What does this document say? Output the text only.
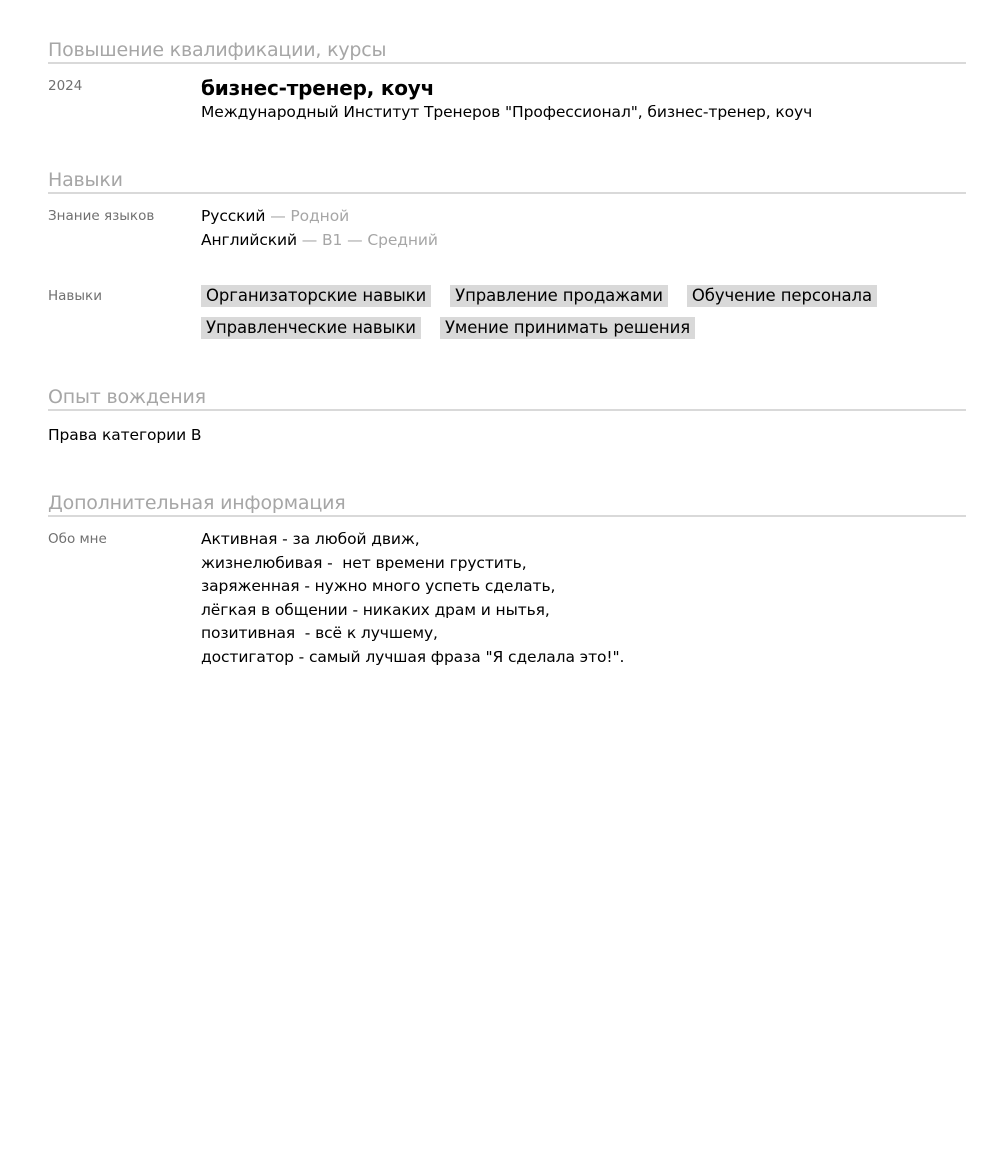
Повышение квалификации, курсы
2024	бизнес-тренер, коуч
Международный Институт Тренеров "Профессионал", бизнес-тренер, коуч
Навыки
Знание языков	Русский — Родной
Английский — B1 — Средний
Навыки	Организаторские навыки	Управление продажами	Обучение персонала
Управленческие навыки	Умение принимать решения
Опыт вождения
Права категории B
Дополнительная информация
Обо мне	Активная - за любой движ,
жизнелюбивая -  нет времени грустить,
заряженная - нужно много успеть сделать,
лёгкая в общении - никаких драм и нытья,
позитивная  - всё к лучшему,
достигатор - самый лучшая фраза "Я сделала это!".
